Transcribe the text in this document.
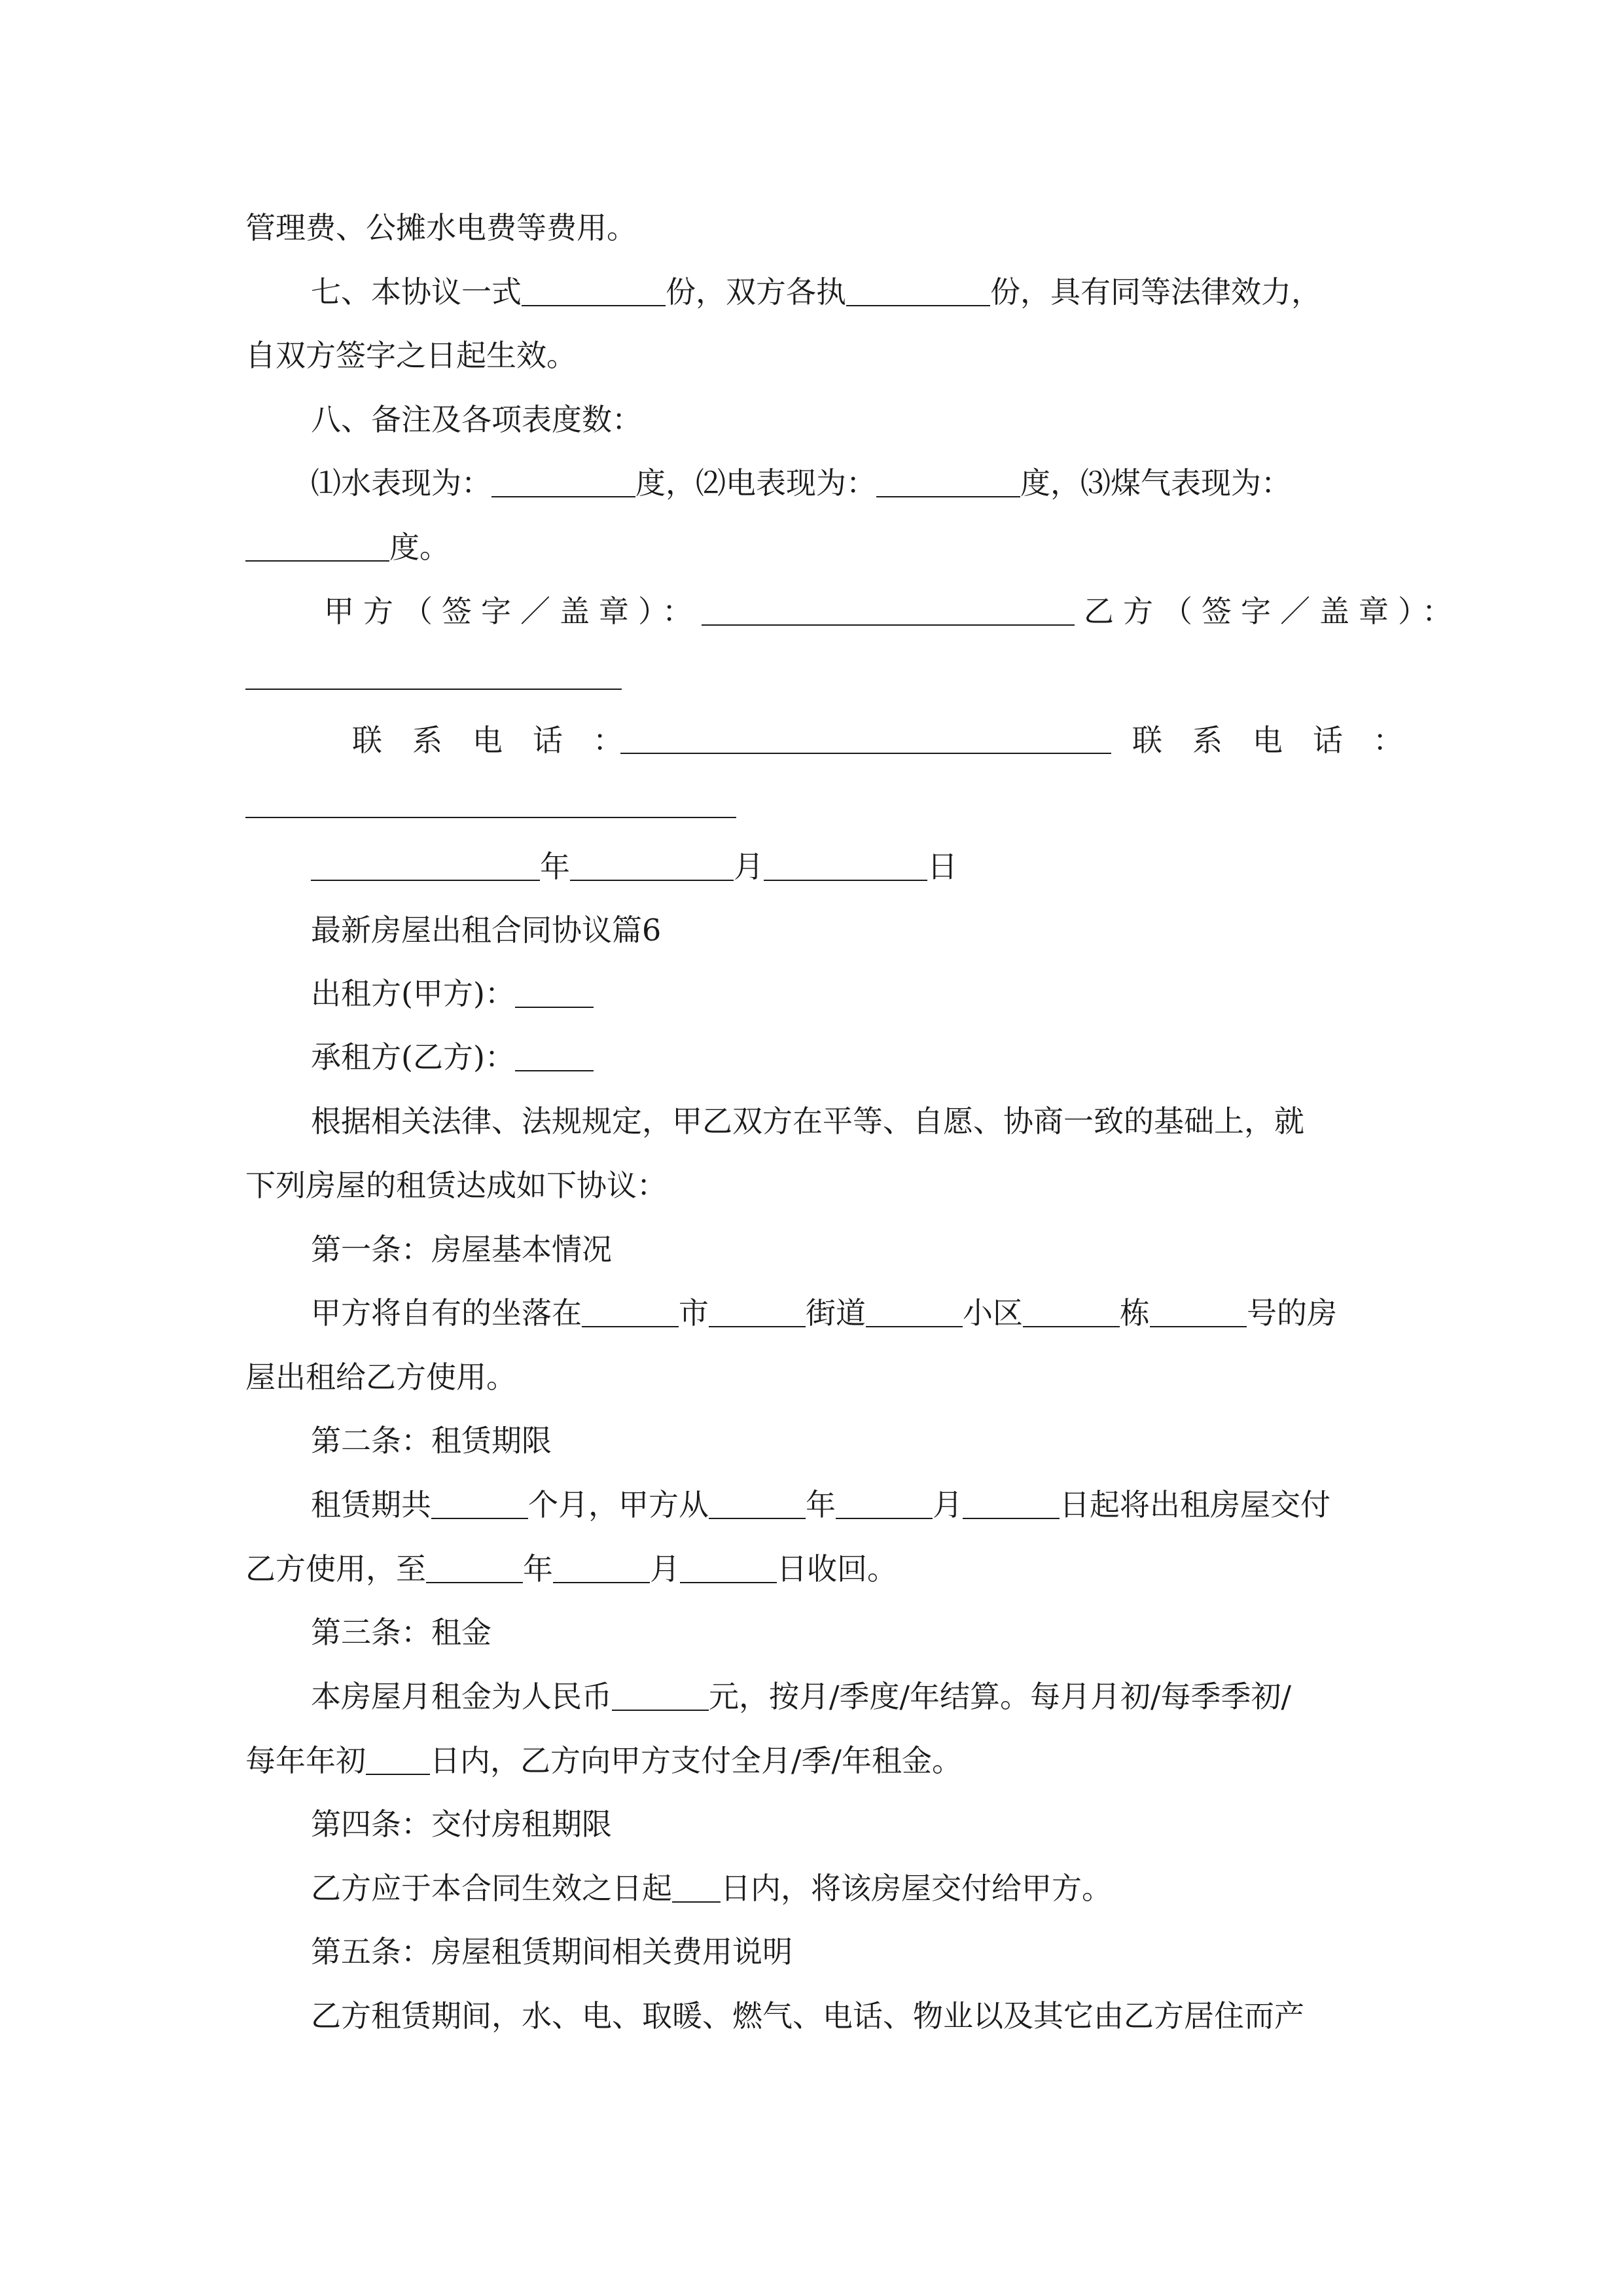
管理费、公摊水电费等费用。
七、本协议一式	份，双方各执	份，具有同等法律效力，
自双方签字之日起生效。
八、备注及各项表度数：
⑴水表现为：	度，⑵电表现为：	度，⑶煤气表现为：
度。
甲方（签字／盖章）：	乙方（签字／盖章）：
联系电话：	联系电话：
年	月	日
最新房屋出租合同协议篇6
出租方(甲方)：
承租方(乙方)：
根据相关法律、法规规定，甲乙双方在平等、自愿、协商一致的基础上，就
下列房屋的租赁达成如下协议：
第一条：房屋基本情况
甲方将自有的坐落在	市	街道	小区	栋	号的房
屋出租给乙方使用。
第二条：租赁期限
租赁期共	个月，甲方从	年	月	日起将出租房屋交付
乙方使用，至	年	月	日收回。
第三条：租金
本房屋月租金为人民币	元，按月/季度/年结算。每月月初/每季季初/
每年年初 日内，乙方向甲方支付全月/季/年租金。
第四条：交付房租期限
乙方应于本合同生效之日起 日内，将该房屋交付给甲方。
第五条：房屋租赁期间相关费用说明
乙方租赁期间，水、电、取暖、燃气、电话、物业以及其它由乙方居住而产
